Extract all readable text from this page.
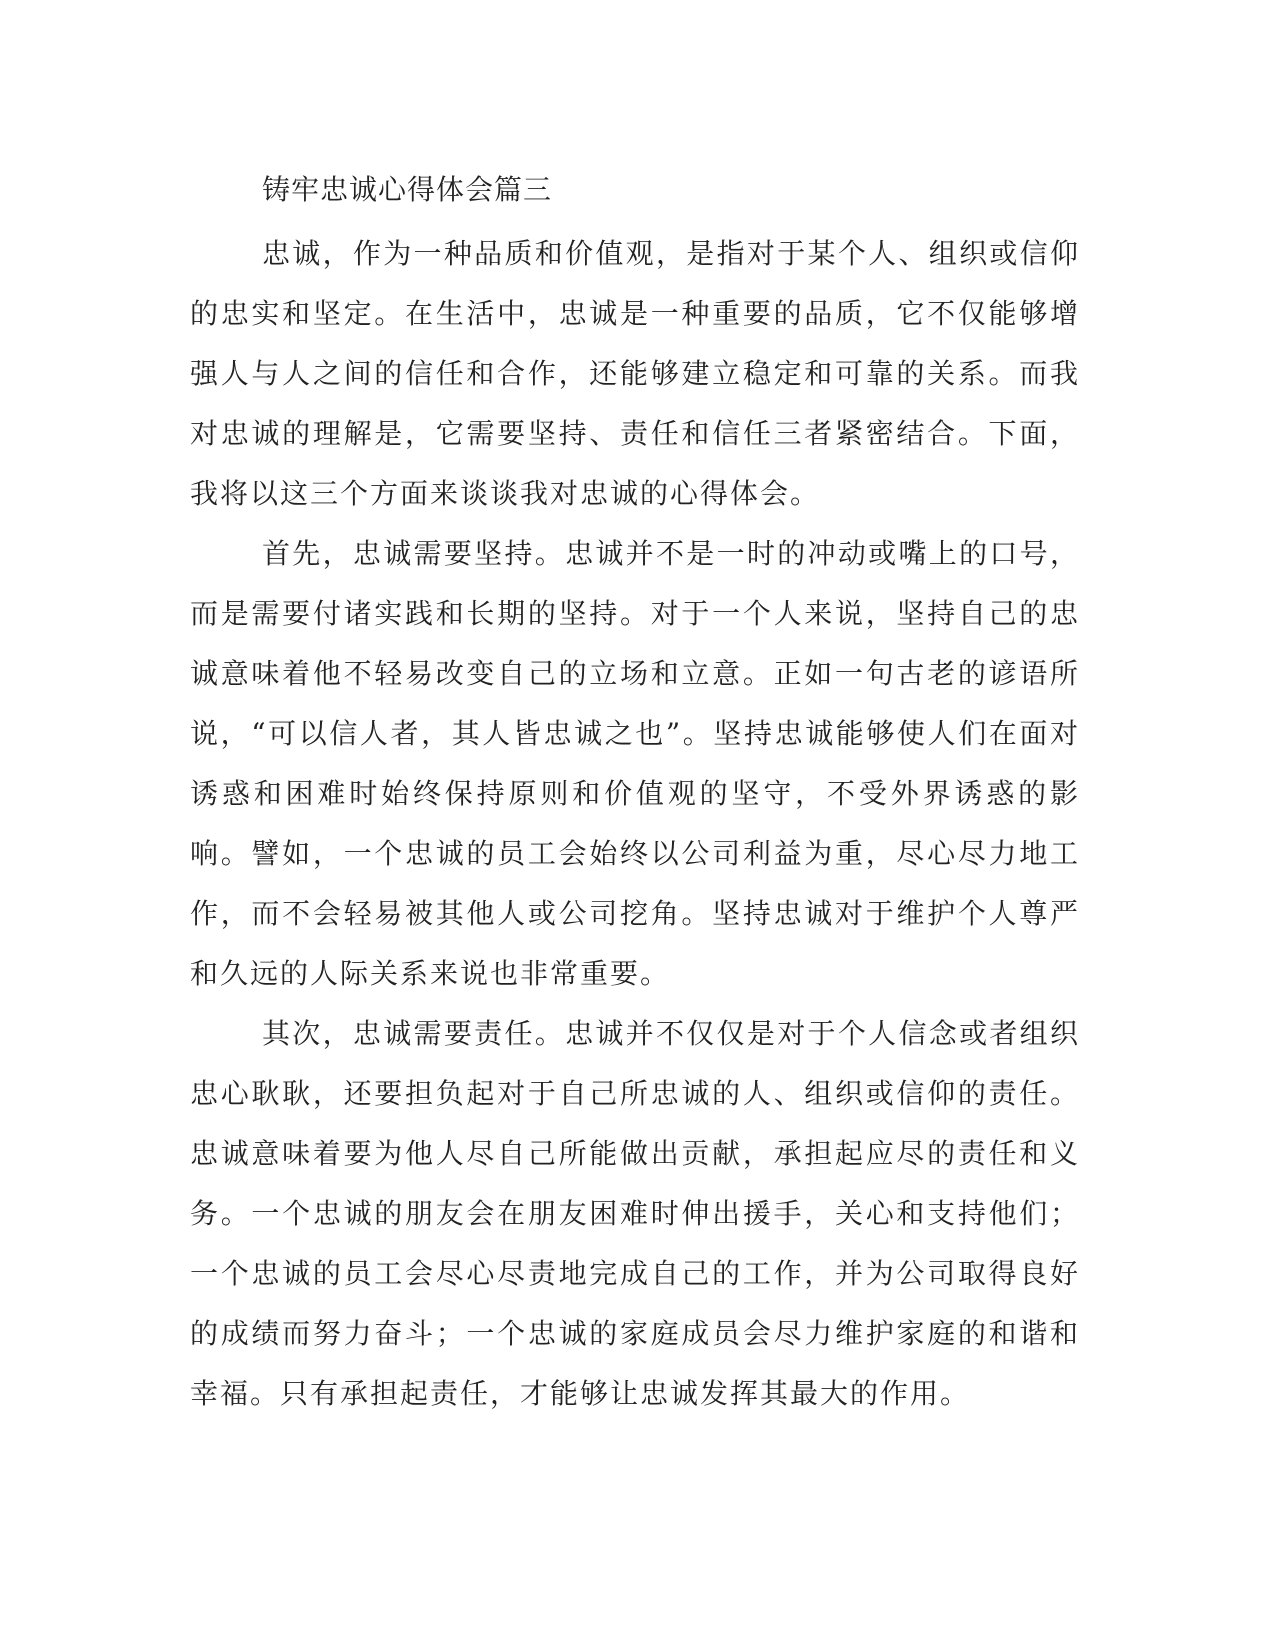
铸牢忠诚心得体会篇三

忠诚，作为一种品质和价值观，是指对于某个人、组织或信仰的忠实和坚定。在生活中，忠诚是一种重要的品质，它不仅能够增强人与人之间的信任和合作，还能够建立稳定和可靠的关系。而我对忠诚的理解是，它需要坚持、责任和信任三者紧密结合。下面，我将以这三个方面来谈谈我对忠诚的心得体会。

首先，忠诚需要坚持。忠诚并不是一时的冲动或嘴上的口号，而是需要付诸实践和长期的坚持。对于一个人来说，坚持自己的忠诚意味着他不轻易改变自己的立场和立意。正如一句古老的谚语所说，“可以信人者，其人皆忠诚之也”。坚持忠诚能够使人们在面对诱惑和困难时始终保持原则和价值观的坚守，不受外界诱惑的影响。譬如，一个忠诚的员工会始终以公司利益为重，尽心尽力地工作，而不会轻易被其他人或公司挖角。坚持忠诚对于维护个人尊严和久远的人际关系来说也非常重要。

其次，忠诚需要责任。忠诚并不仅仅是对于个人信念或者组织忠心耿耿，还要担负起对于自己所忠诚的人、组织或信仰的责任。忠诚意味着要为他人尽自己所能做出贡献，承担起应尽的责任和义务。一个忠诚的朋友会在朋友困难时伸出援手，关心和支持他们；一个忠诚的员工会尽心尽责地完成自己的工作，并为公司取得良好的成绩而努力奋斗；一个忠诚的家庭成员会尽力维护家庭的和谐和幸福。只有承担起责任，才能够让忠诚发挥其最大的作用。
